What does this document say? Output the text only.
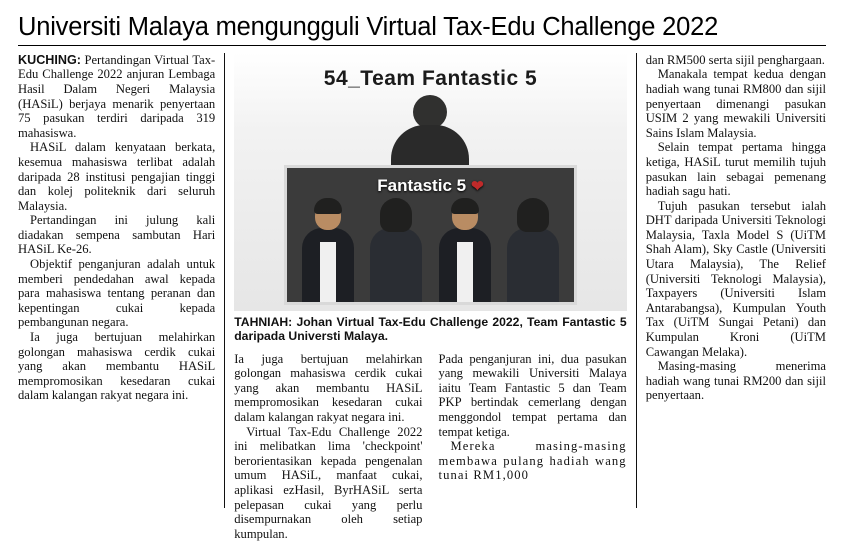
Universiti Malaya mengungguli Virtual Tax-Edu Challenge 2022

KUCHING: Pertandingan Virtual Tax-Edu Challenge 2022 anjuran Lembaga Hasil Dalam Negeri Malaysia (HASiL) berjaya menarik penyertaan 75 pasukan terdiri daripada 319 mahasiswa.

HASiL dalam kenyataan berkata, kesemua mahasiswa terlibat adalah daripada 28 institusi pengajian tinggi dan kolej politeknik dari seluruh Malaysia.

Pertandingan ini julung kali diadakan sempena sambutan Hari HASiL Ke-26.

Objektif penganjuran adalah untuk memberi pendedahan awal kepada para mahasiswa tentang peranan dan kepentingan cukai kepada pembangunan negara.

Ia juga bertujuan melahirkan golongan mahasiswa cerdik cukai yang akan membantu HASiL mempromosikan kesedaran cukai dalam kalangan rakyat negara ini.

54_Team Fantastic 5
Fantastic 5 ❤

TAHNIAH: Johan Virtual Tax-Edu Challenge 2022, Team Fantastic 5 daripada Universti Malaya.

Ia juga bertujuan melahirkan golongan mahasiswa cerdik cukai yang akan membantu HASiL mempromosikan kesedaran cukai dalam kalangan rakyat negara ini.

Virtual Tax-Edu Challenge 2022 ini melibatkan lima 'checkpoint' berorientasikan kepada pengenalan umum HASiL, manfaat cukai, aplikasi ezHasil, ByrHASiL serta pelepasan cukai yang perlu disempurnakan oleh setiap kumpulan.

Pada penganjuran ini, dua pasukan yang mewakili Universiti Malaya iaitu Team Fantastic 5 dan Team PKP bertindak cemerlang dengan menggondol tempat pertama dan tempat ketiga.

Mereka masing-masing membawa pulang hadiah wang tunai RM1,000

dan RM500 serta sijil penghargaan.

Manakala tempat kedua dengan hadiah wang tunai RM800 dan sijil penyertaan dimenangi pasukan USIM 2 yang mewakili Universiti Sains Islam Malaysia.

Selain tempat pertama hingga ketiga, HASiL turut memilih tujuh pasukan lain sebagai pemenang hadiah sagu hati.

Tujuh pasukan tersebut ialah DHT daripada Universiti Teknologi Malaysia, Taxla Model S (UiTM Shah Alam), Sky Castle (Universiti Utara Malaysia), The Relief (Universiti Teknologi Malaysia), Taxpayers (Universiti Islam Antarabangsa), Kumpulan Youth Tax (UiTM Sungai Petani) dan Kumpulan Kroni (UiTM Cawangan Melaka).

Masing-masing menerima hadiah wang tunai RM200 dan sijil penyertaan.
